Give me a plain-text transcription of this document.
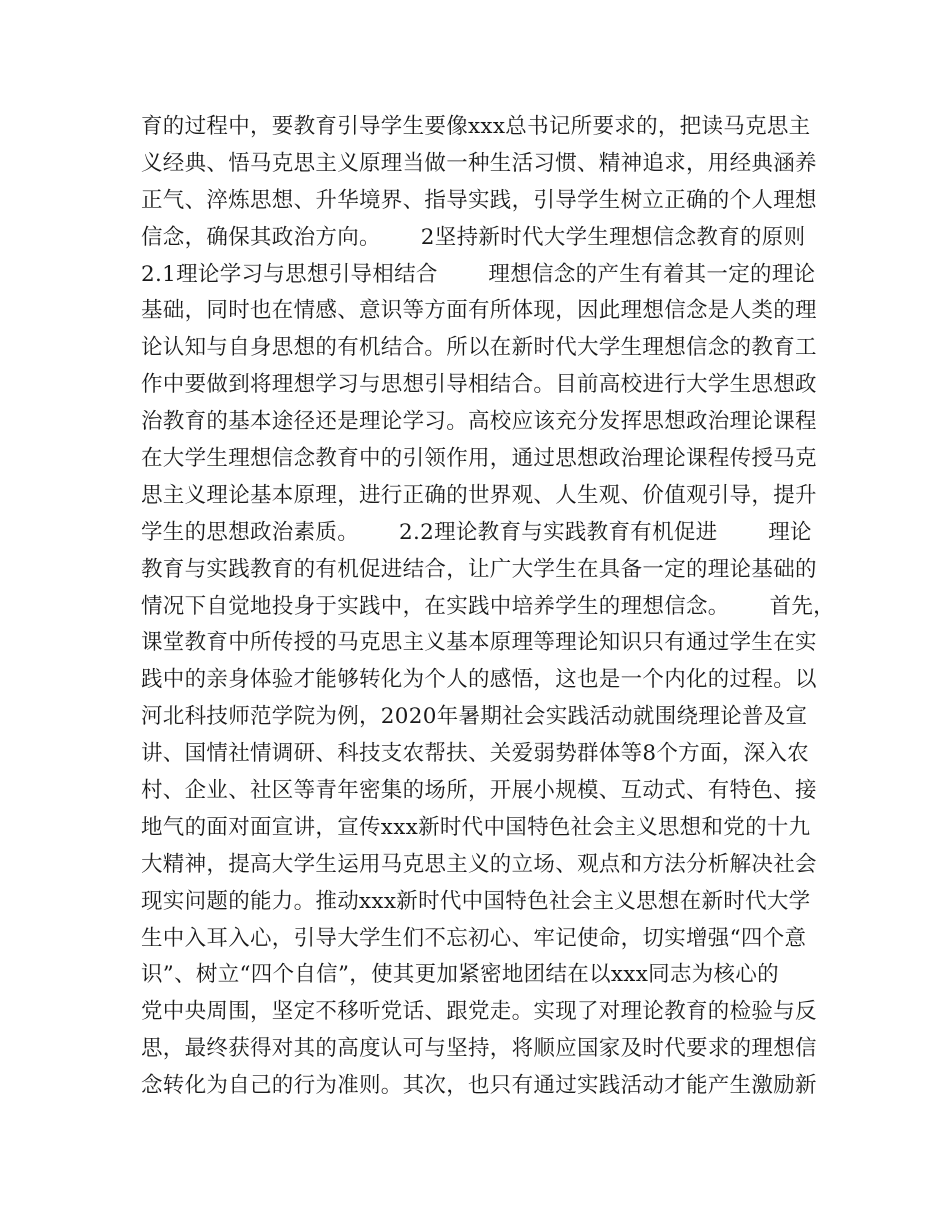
育的过程中，要教育引导学生要像xxx总书记所要求的，把读马克思主
义经典、悟马克思主义原理当做一种生活习惯、精神追求，用经典涵养
正气、淬炼思想、升华境界、指导实践，引导学生树立正确的个人理想
信念，确保其政治方向。　　 2坚持新时代大学生理想信念教育的原则
2.1理论学习与思想引导相结合　　 理想信念的产生有着其一定的理论
基础，同时也在情感、意识等方面有所体现，因此理想信念是人类的理
论认知与自身思想的有机结合。所以在新时代大学生理想信念的教育工
作中要做到将理想学习与思想引导相结合。目前高校进行大学生思想政
治教育的基本途径还是理论学习。高校应该充分发挥思想政治理论课程
在大学生理想信念教育中的引领作用，通过思想政治理论课程传授马克
思主义理论基本原理，进行正确的世界观、人生观、价值观引导，提升
学生的思想政治素质。　　 2.2理论教育与实践教育有机促进　　 理论
教育与实践教育的有机促进结合，让广大学生在具备一定的理论基础的
情况下自觉地投身于实践中，在实践中培养学生的理想信念。　　 首先，
课堂教育中所传授的马克思主义基本原理等理论知识只有通过学生在实
践中的亲身体验才能够转化为个人的感悟，这也是一个内化的过程。以
河北科技师范学院为例，2020年暑期社会实践活动就围绕理论普及宣
讲、国情社情调研、科技支农帮扶、关爱弱势群体等8个方面，深入农
村、企业、社区等青年密集的场所，开展小规模、互动式、有特色、接
地气的面对面宣讲，宣传xxx新时代中国特色社会主义思想和党的十九
大精神，提高大学生运用马克思主义的立场、观点和方法分析解决社会
现实问题的能力。推动xxx新时代中国特色社会主义思想在新时代大学
生中入耳入心，引导大学生们不忘初心、牢记使命，切实增强“四个意
识”、树立“四个自信”，使其更加紧密地团结在以xxx同志为核心的
党中央周围，坚定不移听党话、跟党走。实现了对理论教育的检验与反
思，最终获得对其的高度认可与坚持，将顺应国家及时代要求的理想信
念转化为自己的行为准则。其次，也只有通过实践活动才能产生激励新
